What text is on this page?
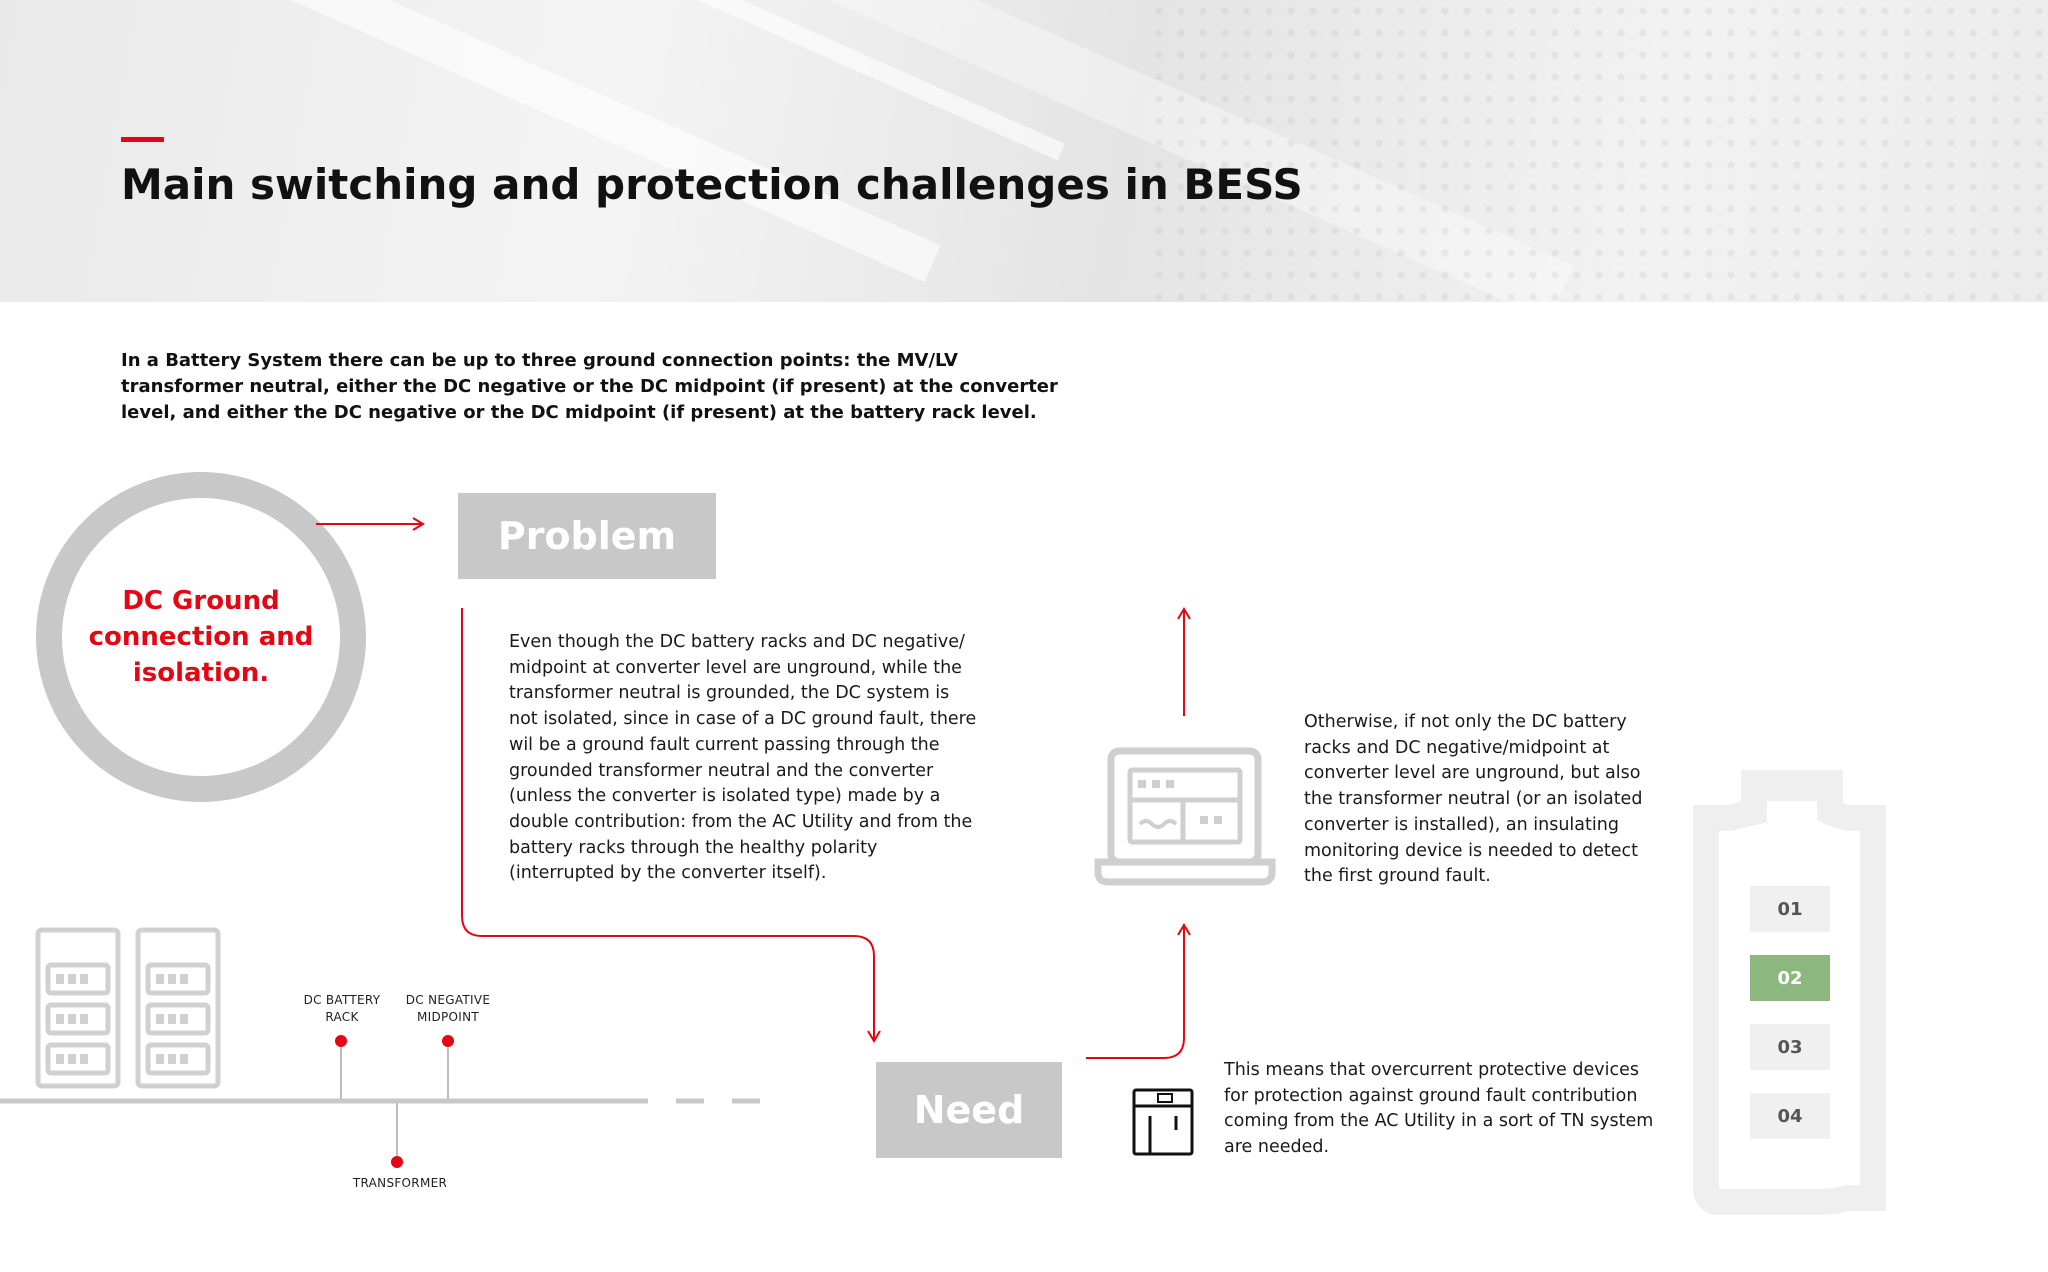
Main switching and protection challenges in BESS

In a Battery System there can be up to three ground connection points: the MV/LV transformer neutral, either the DC negative or the DC midpoint (if present) at the converter level, and either the DC negative or the DC midpoint (if present) at the battery rack level.

DC Ground connection and isolation.
Problem

Even though the DC battery racks and DC negative/ midpoint at converter level are unground, while the transformer neutral is grounded, the DC system is not isolated, since in case of a DC ground fault, there wil be a ground fault current passing through the grounded transformer neutral and the converter (unless the converter is isolated type) made by a double contribution: from the AC Utility and from the battery racks through the healthy polarity (interrupted by the converter itself).

Need

This means that overcurrent protective devices for protection against ground fault contribution coming from the AC Utility in a sort of TN system are needed.

Otherwise, if not only the DC battery racks and DC negative/midpoint at converter level are unground, but also the transformer neutral (or an isolated converter is installed), an insulating monitoring device is needed to detect the first ground fault.

DC BATTERY RACK
DC NEGATIVE MIDPOINT
TRANSFORMER
01
02
03
04
